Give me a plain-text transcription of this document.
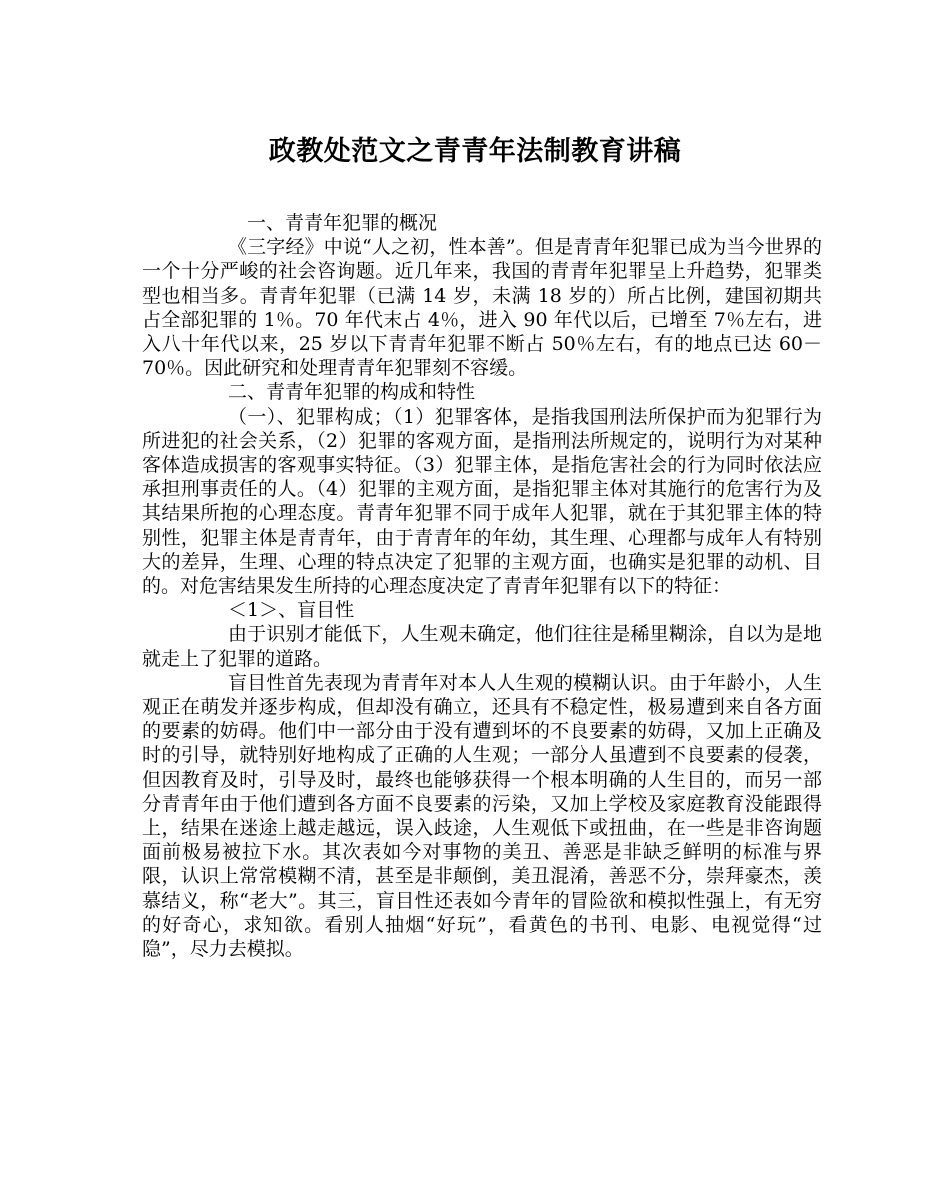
政教处范文之青青年法制教育讲稿

一、青青年犯罪的概况

《三字经》中说“人之初，性本善”。但是青青年犯罪已成为当今世界的一个十分严峻的社会咨询题。近几年来，我国的青青年犯罪呈上升趋势，犯罪类型也相当多。青青年犯罪（已满 14 岁，未满 18 岁的）所占比例，建国初期共占全部犯罪的 1％。70 年代末占 4％，进入 90 年代以后，已增至 7％左右，进入八十年代以来，25 岁以下青青年犯罪不断占 50％左右，有的地点已达 60－70％。因此研究和处理青青年犯罪刻不容缓。

二、青青年犯罪的构成和特性

（一）、犯罪构成；（1）犯罪客体，是指我国刑法所保护而为犯罪行为所进犯的社会关系，（2）犯罪的客观方面，是指刑法所规定的，说明行为对某种客体造成损害的客观事实特征。（3）犯罪主体，是指危害社会的行为同时依法应承担刑事责任的人。（4）犯罪的主观方面，是指犯罪主体对其施行的危害行为及其结果所抱的心理态度。青青年犯罪不同于成年人犯罪，就在于其犯罪主体的特别性，犯罪主体是青青年，由于青青年的年幼，其生理、心理都与成年人有特别大的差异，生理、心理的特点决定了犯罪的主观方面，也确实是犯罪的动机、目的。对危害结果发生所持的心理态度决定了青青年犯罪有以下的特征：

＜1＞、盲目性

由于识别才能低下，人生观未确定，他们往往是稀里糊涂，自以为是地就走上了犯罪的道路。

盲目性首先表现为青青年对本人人生观的模糊认识。由于年龄小，人生观正在萌发并逐步构成，但却没有确立，还具有不稳定性，极易遭到来自各方面的要素的妨碍。他们中一部分由于没有遭到坏的不良要素的妨碍，又加上正确及时的引导，就特别好地构成了正确的人生观；一部分人虽遭到不良要素的侵袭，但因教育及时，引导及时，最终也能够获得一个根本明确的人生目的，而另一部分青青年由于他们遭到各方面不良要素的污染，又加上学校及家庭教育没能跟得上，结果在迷途上越走越远，误入歧途，人生观低下或扭曲，在一些是非咨询题面前极易被拉下水。其次表如今对事物的美丑、善恶是非缺乏鲜明的标准与界限，认识上常常模糊不清，甚至是非颠倒，美丑混淆，善恶不分，崇拜豪杰，羡慕结义，称“老大”。其三，盲目性还表如今青年的冒险欲和模拟性强上，有无穷的好奇心，求知欲。看别人抽烟“好玩”，看黄色的书刊、电影、电视觉得“过隐”，尽力去模拟。
